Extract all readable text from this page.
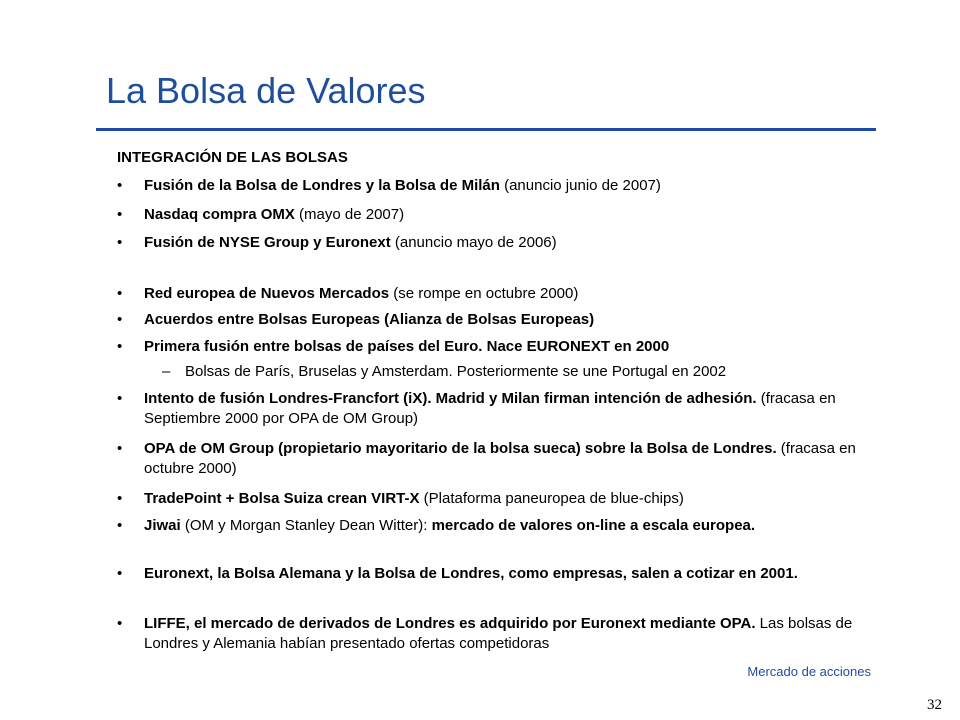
La Bolsa de Valores
INTEGRACIÓN DE LAS BOLSAS
•	Fusión de la Bolsa de Londres y la Bolsa de Milán (anuncio junio de 2007)
•	Nasdaq compra OMX (mayo de 2007)
•	Fusión de NYSE Group y Euronext (anuncio mayo de 2006)
•	Red europea de Nuevos Mercados (se rompe en octubre 2000)
•	Acuerdos entre Bolsas Europeas (Alianza de Bolsas Europeas)
•	Primera fusión entre bolsas de países del Euro. Nace EURONEXT en 2000
– Bolsas de París, Bruselas y Amsterdam. Posteriormente se une Portugal en 2002
•	Intento de fusión Londres-Francfort (iX). Madrid y Milan firman intención de adhesión. (fracasa en Septiembre 2000 por OPA de OM Group)
•	OPA de OM Group (propietario mayoritario de la bolsa sueca) sobre la Bolsa de Londres. (fracasa en octubre 2000)
•	TradePoint + Bolsa Suiza crean VIRT-X (Plataforma paneuropea de blue-chips)
•	Jiwai (OM y Morgan Stanley Dean Witter): mercado de valores on-line a escala europea.
•	Euronext, la Bolsa Alemana y la Bolsa de Londres, como empresas, salen a cotizar en 2001.
•	LIFFE, el mercado de derivados de Londres es adquirido por Euronext mediante OPA. Las bolsas de Londres y Alemania habían presentado ofertas competidoras
Mercado de acciones
32
